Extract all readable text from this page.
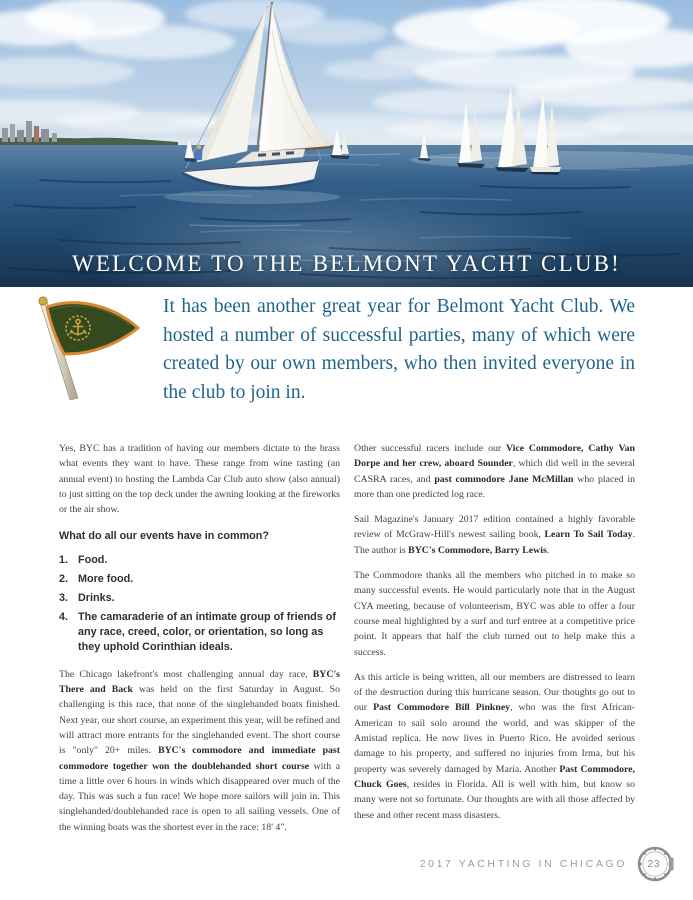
WELCOME TO THE BELMONT YACHT CLUB!
It has been another great year for Belmont Yacht Club. We hosted a number of successful parties, many of which were created by our own members, who then invited everyone in the club to join in.

Yes, BYC has a tradition of having our members dictate to the brass what events they want to have. These range from wine tasting (an annual event) to hosting the Lambda Car Club auto show (also annual) to just sitting on the top deck under the awning looking at the fireworks or the air show.

What do all our events have in common?

1. Food.
2. More food.
3. Drinks.
4. The camaraderie of an intimate group of friends of any race, creed, color, or orientation, so long as they uphold Corinthian ideals.

The Chicago lakefront's most challenging annual day race, BYC's There and Back was held on the first Saturday in August. So challenging is this race, that none of the singlehanded boats finished. Next year, our short course, an experiment this year, will be refined and will attract more entrants for the singlehanded event. The short course is "only" 20+ miles. BYC's commodore and immediate past commodore together won the doublehanded short course with a time a little over 6 hours in winds which disappeared over much of the day. This was such a fun race! We hope more sailors will join in. This singlehanded/doublehanded race is open to all sailing vessels. One of the winning boats was the shortest ever in the race: 18' 4".

Other successful racers include our Vice Commodore, Cathy Van Dorpe and her crew, aboard Sounder, which did well in the several CASRA races, and past commodore Jane McMillan who placed in more than one predicted log race.

Sail Magazine's January 2017 edition contained a highly favorable review of McGraw-Hill's newest sailing book, Learn To Sail Today. The author is BYC's Commodore, Barry Lewis.

The Commodore thanks all the members who pitched in to make so many successful events. He would particularly note that in the August CYA meeting, because of volunteerism, BYC was able to offer a four course meal highlighted by a surf and turf entree at a competitive price point. It appears that half the club turned out to help make this a success.

As this article is being written, all our members are distressed to learn of the destruction during this hurricane season. Our thoughts go out to our Past Commodore Bill Pinkney, who was the first African-American to sail solo around the world, and was skipper of the Amistad replica. He now lives in Puerto Rico. He avoided serious damage to his property, and suffered no injuries from Irma, but his property was severely damaged by Maria. Another Past Commodore, Chuck Goes, resides in Florida. All is well with him, but know so many were not so fortunate. Our thoughts are with all those affected by these and other recent mass disasters.

2017 YACHTING IN CHICAGO	23
